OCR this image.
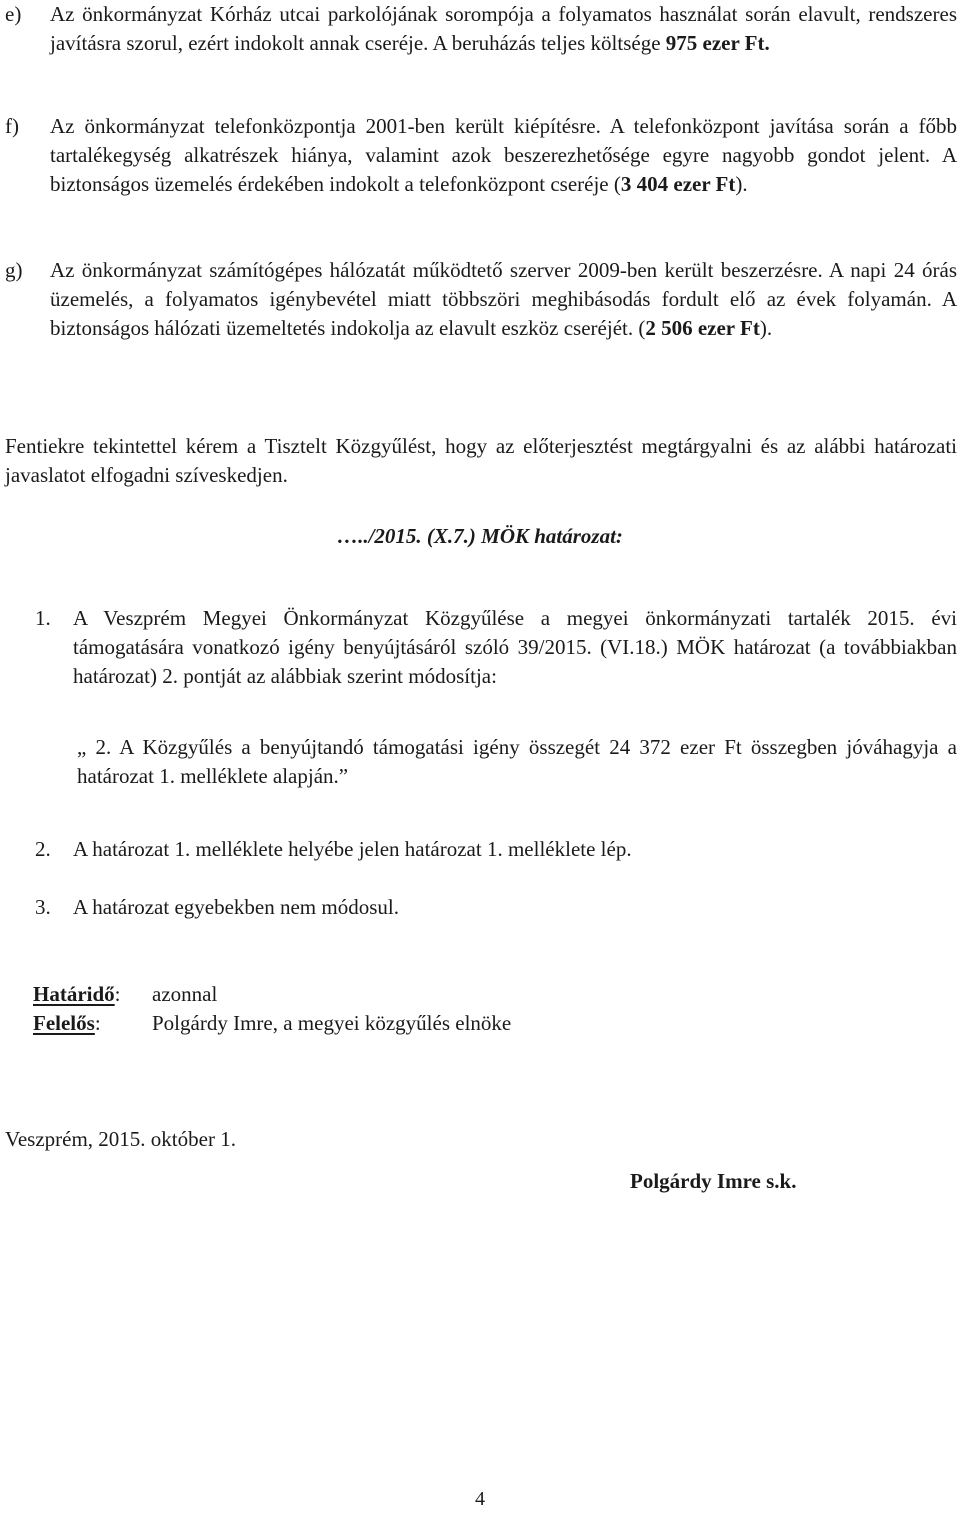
e) Az önkormányzat Kórház utcai parkolójának sorompója a folyamatos használat során elavult, rendszeres javításra szorul, ezért indokolt annak cseréje. A beruházás teljes költsége 975 ezer Ft.
f) Az önkormányzat telefonközpontja 2001-ben került kiépítésre. A telefonközpont javítása során a főbb tartalékegység alkatrészek hiánya, valamint azok beszerezhetősége egyre nagyobb gondot jelent. A biztonságos üzemelés érdekében indokolt a telefonközpont cseréje (3 404 ezer Ft).
g) Az önkormányzat számítógépes hálózatát működtető szerver 2009-ben került beszerzésre. A napi 24 órás üzemelés, a folyamatos igénybevétel miatt többszöri meghibásodás fordult elő az évek folyamán. A biztonságos hálózati üzemeltetés indokolja az elavult eszköz cseréjét. (2 506 ezer Ft).
Fentiekre tekintettel kérem a Tisztelt Közgyűlést, hogy az előterjesztést megtárgyalni és az alábbi határozati javaslatot elfogadni szíveskedjen.
…../2015. (X.7.) MÖK határozat:
1. A Veszprém Megyei Önkormányzat Közgyűlése a megyei önkormányzati tartalék 2015. évi támogatására vonatkozó igény benyújtásáról szóló 39/2015. (VI.18.) MÖK határozat (a továbbiakban határozat) 2. pontját az alábbiak szerint módosítja:
„ 2. A Közgyűlés a benyújtandó támogatási igény összegét 24 372 ezer Ft összegben jóváhagyja a határozat 1. melléklete alapján.”
2. A határozat 1. melléklete helyébe jelen határozat 1. melléklete lép.
3. A határozat egyebekben nem módosul.
Határidő: azonnal
Felelős: Polgárdy Imre, a megyei közgyűlés elnöke
Veszprém, 2015. október 1.
Polgárdy Imre s.k.
4
